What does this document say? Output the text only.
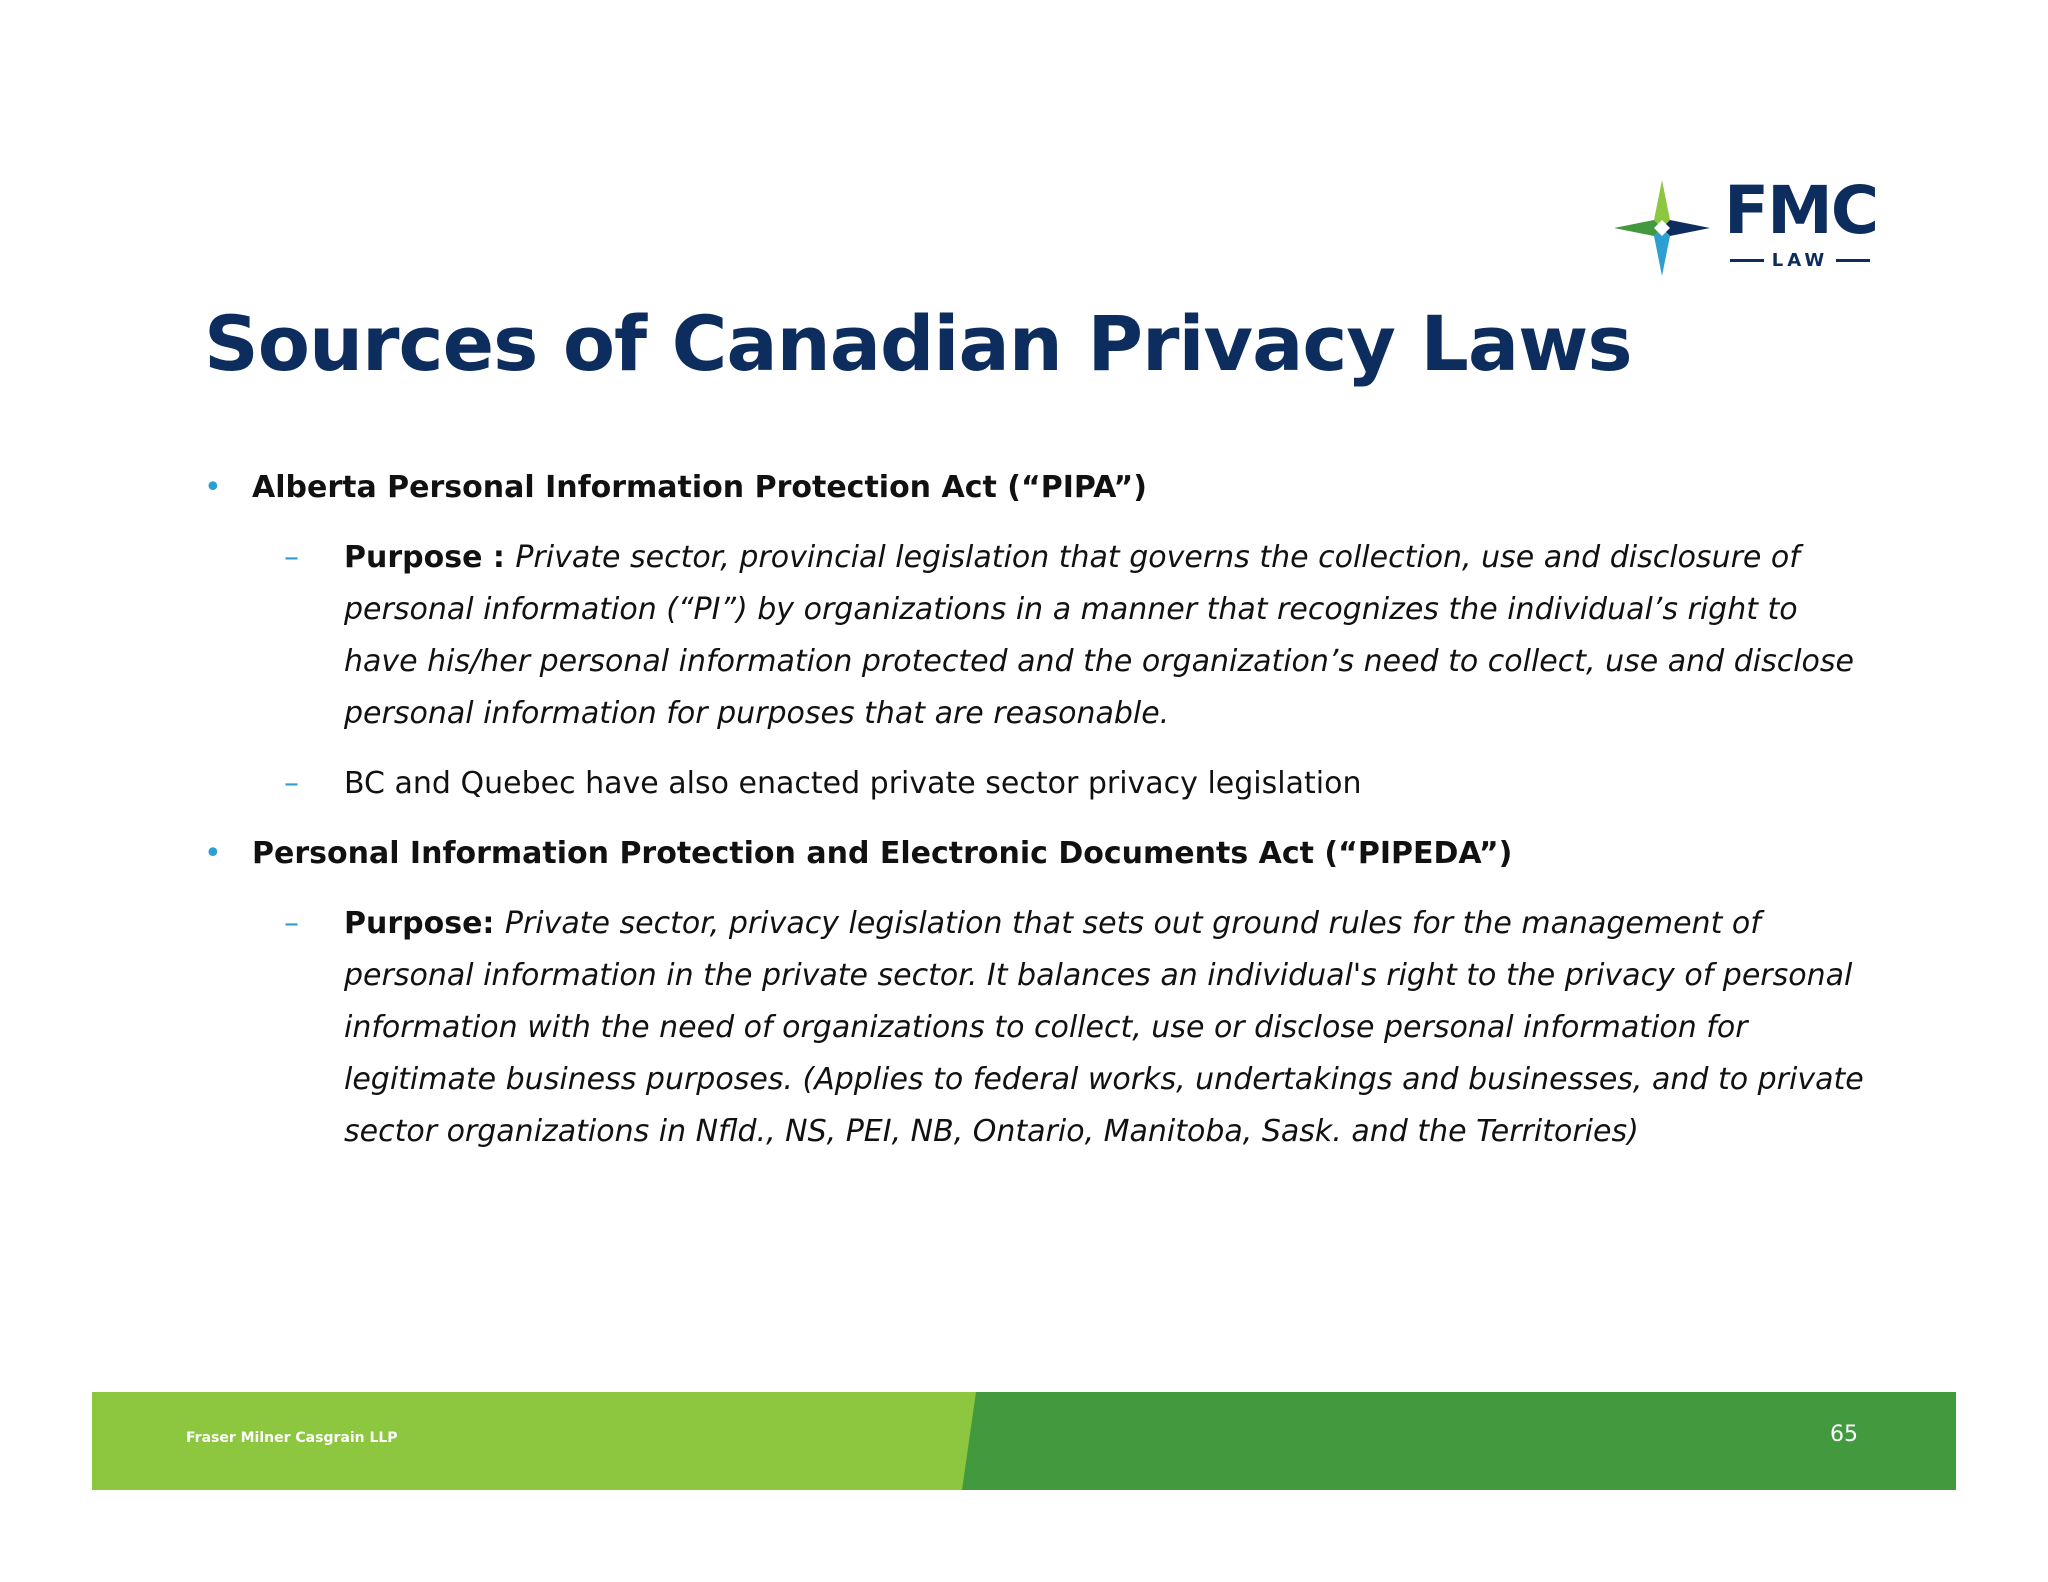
FMC
LAW
Sources of Canadian Privacy Laws
• Alberta Personal Information Protection Act (“PIPA”)
– Purpose : Private sector, provincial legislation that governs the collection, use and disclosure of personal information (“PI”) by organizations in a manner that recognizes the individual’s right to have his/her personal information protected and the organization’s need to collect, use and disclose personal information for purposes that are reasonable.
– BC and Quebec have also enacted private sector privacy legislation
• Personal Information Protection and Electronic Documents Act (“PIPEDA”)
– Purpose: Private sector, privacy legislation that sets out ground rules for the management of personal information in the private sector. It balances an individual's right to the privacy of personal information with the need of organizations to collect, use or disclose personal information for legitimate business purposes. (Applies to federal works, undertakings and businesses, and to private sector organizations in Nfld., NS, PEI, NB, Ontario, Manitoba, Sask. and the Territories)
Fraser Milner Casgrain LLP	65
